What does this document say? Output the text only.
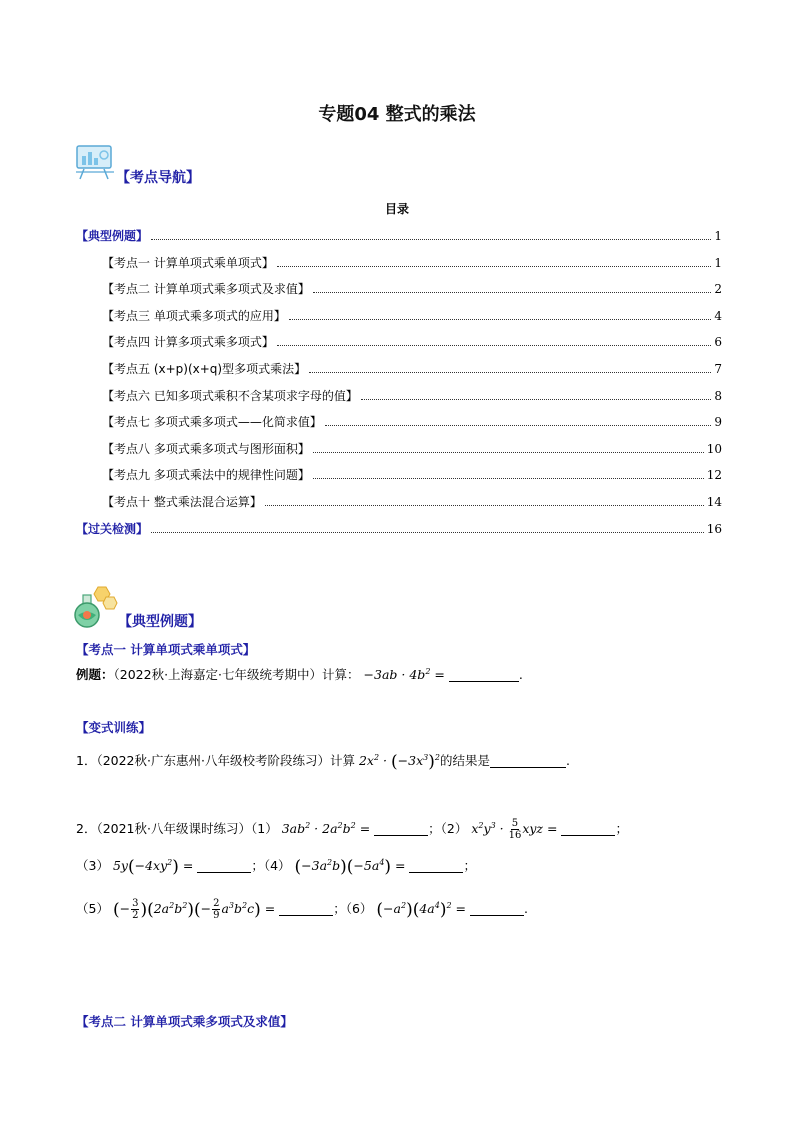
专题04 整式的乘法
【考点导航】
目录
【典型例题】	1
【考点一 计算单项式乘单项式】	1
【考点二 计算单项式乘多项式及求值】	2
【考点三 单项式乘多项式的应用】	4
【考点四 计算多项式乘多项式】	6
【考点五 (x+p)(x+q)型多项式乘法】	7
【考点六 已知多项式乘积不含某项求字母的值】	8
【考点七 多项式乘多项式——化简求值】	9
【考点八 多项式乘多项式与图形面积】	10
【考点九 多项式乘法中的规律性问题】	12
【考点十 整式乘法混合运算】	14
【过关检测】	16
【典型例题】
【考点一 计算单项式乘单项式】
例题：（2022秋·上海嘉定·七年级统考期中）计算： $-3ab \cdot 4b^2$ =	.
【变式训练】
1．（2022秋·广东惠州·八年级校考阶段练习）计算 $2x^2 \cdot (-3x^3)^2$的结果是	.
2．（2021秋·八年级课时练习）（1） $3ab^2 \cdot 2a^2b^2$ =	；（2） $x^2y^3 \cdot \frac{5}{16}$ xyz =	；
（3） $5y(-4xy^2)$ =	；（4） $(-3a^2b)(-5a^4)$ =	；
（5） (− $\frac{3}{2} )(2a^2b^2)(- \frac{2}{9} a^3b^2c)$ =	；（6） $(-a^2)(4a^4)^2$ =	.
【考点二 计算单项式乘多项式及求值】
